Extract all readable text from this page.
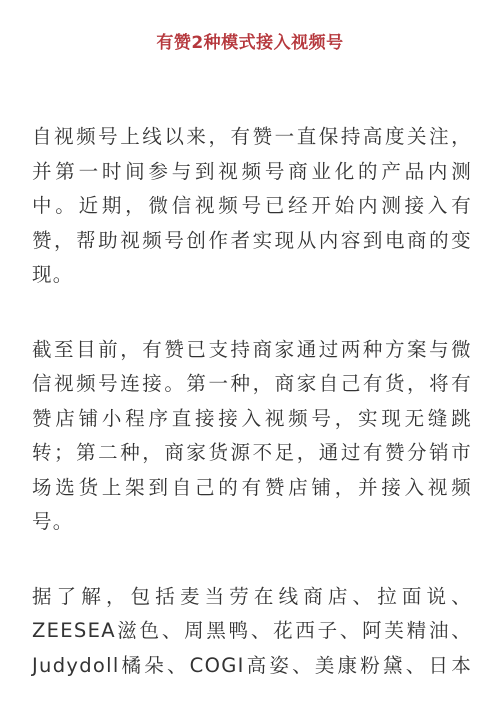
有赞2种模式接入视频号

自视频号上线以来，有赞一直保持高度关注，
并第一时间参与到视频号商业化的产品内测
中。近期，微信视频号已经开始内测接入有
赞，帮助视频号创作者实现从内容到电商的变
现。

截至目前，有赞已支持商家通过两种方案与微
信视频号连接。第一种，商家自己有货，将有
赞店铺小程序直接接入视频号，实现无缝跳
转；第二种，商家货源不足，通过有赞分销市
场选货上架到自己的有赞店铺，并接入视频
号。

据了解，包括麦当劳在线商店、拉面说、
ZEESEA滋色、周黑鸭、花西子、阿芙精油、
Judydoll橘朵、COGI高姿、美康粉黛、日本
